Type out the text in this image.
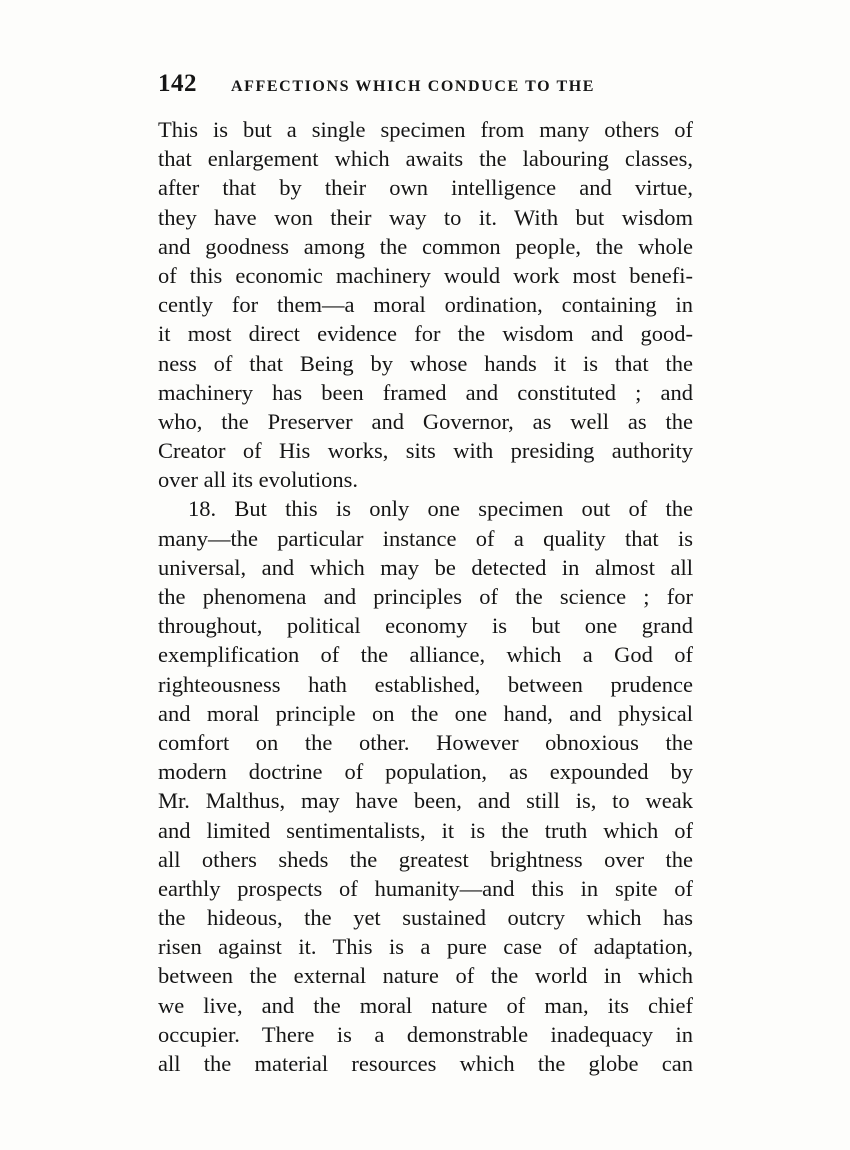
142 AFFECTIONS WHICH CONDUCE TO THE
This is but a single specimen from many others of
that enlargement which awaits the labouring classes,
after that by their own intelligence and virtue,
they have won their way to it. With but wisdom
and goodness among the common people, the whole
of this economic machinery would work most benefi-
cently for them—a moral ordination, containing in
it most direct evidence for the wisdom and good-
ness of that Being by whose hands it is that the
machinery has been framed and constituted ; and
who, the Preserver and Governor, as well as the
Creator of His works, sits with presiding authority
over all its evolutions.
18. But this is only one specimen out of the
many—the particular instance of a quality that is
universal, and which may be detected in almost all
the phenomena and principles of the science ; for
throughout, political economy is but one grand
exemplification of the alliance, which a God of
righteousness hath established, between prudence
and moral principle on the one hand, and physical
comfort on the other. However obnoxious the
modern doctrine of population, as expounded by
Mr. Malthus, may have been, and still is, to weak
and limited sentimentalists, it is the truth which of
all others sheds the greatest brightness over the
earthly prospects of humanity—and this in spite of
the hideous, the yet sustained outcry which has
risen against it. This is a pure case of adaptation,
between the external nature of the world in which
we live, and the moral nature of man, its chief
occupier. There is a demonstrable inadequacy in
all the material resources which the globe can
